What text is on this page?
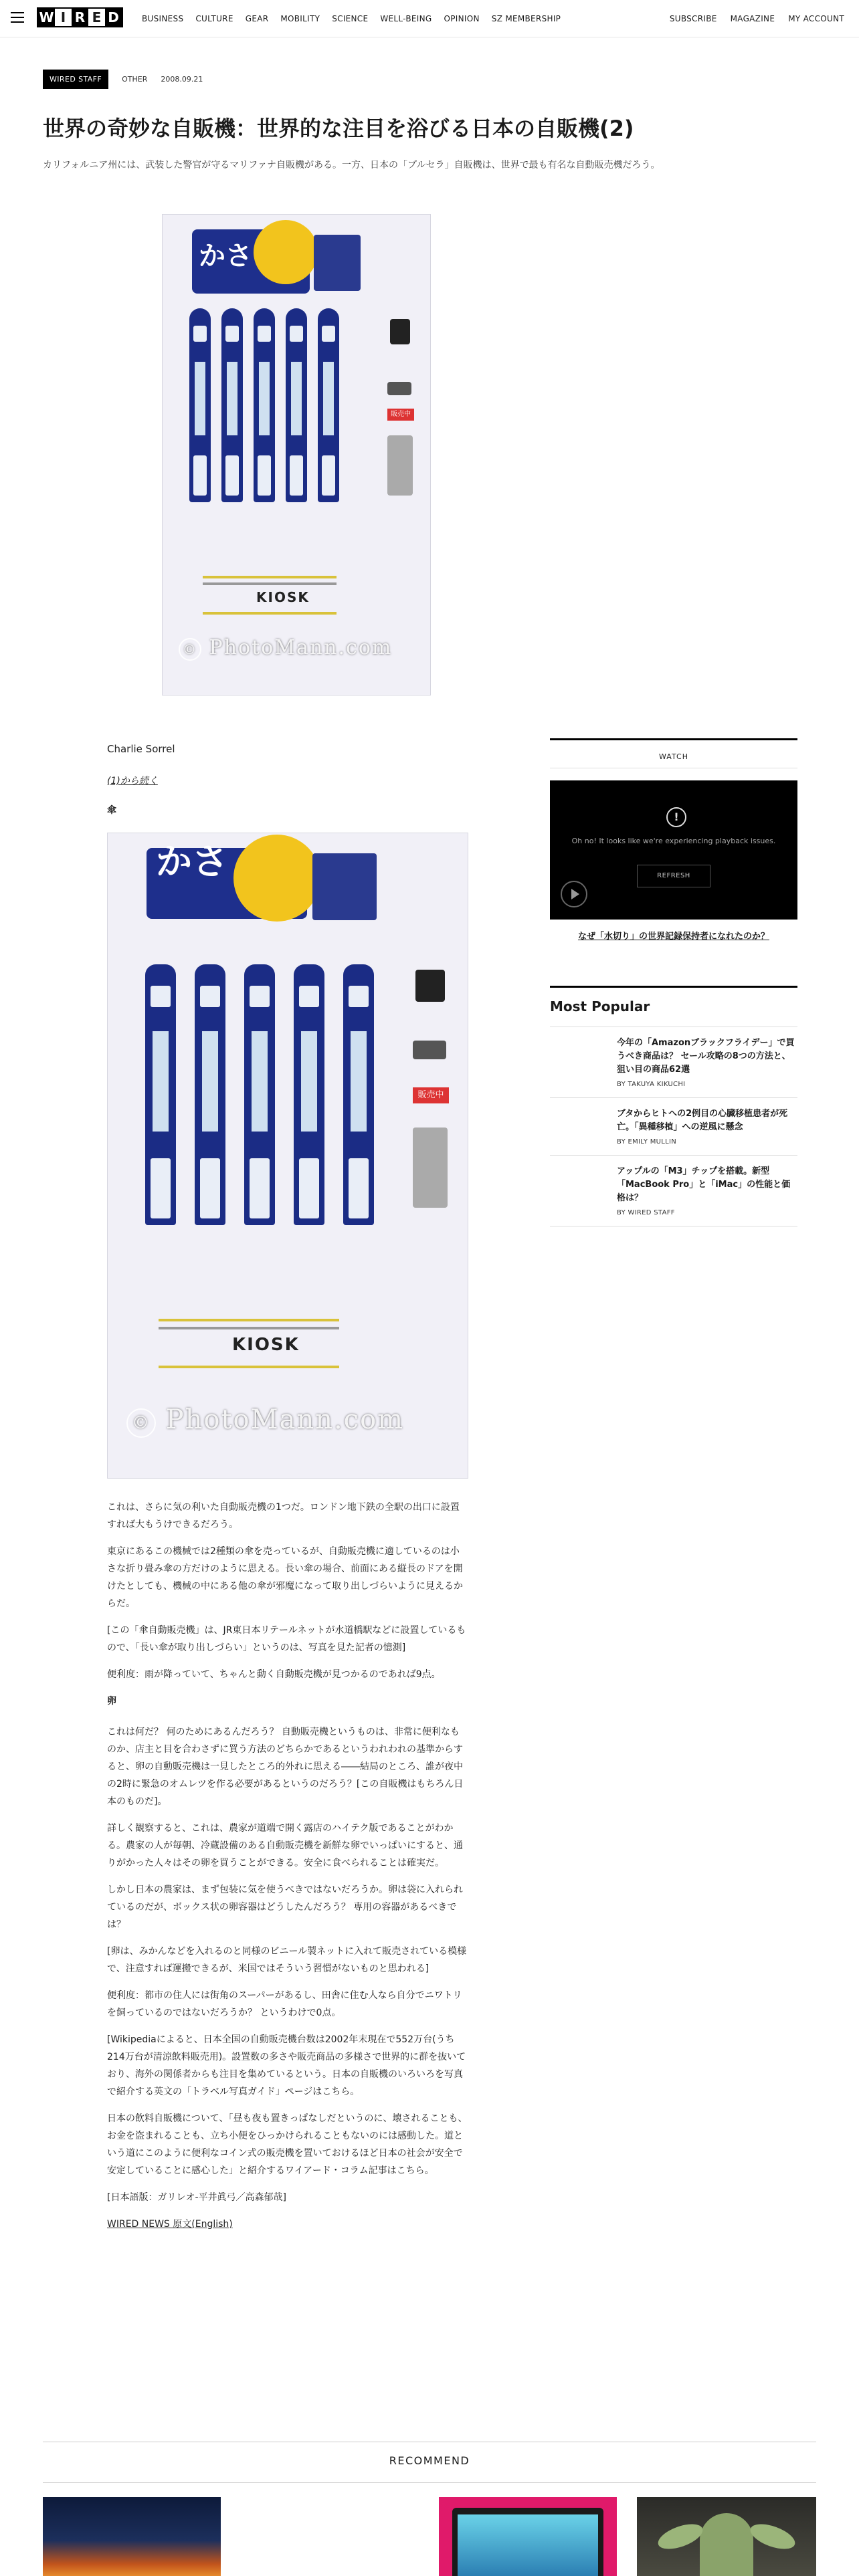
W I R E D	BUSINESS CULTURE GEAR MOBILITY SCIENCE WELL-BEING OPINION SZ MEMBERSHIP	SUBSCRIBE MAGAZINE MY ACCOUNT
WIRED STAFF	OTHER 2008.09.21
世界の奇妙な自販機：世界的な注目を浴びる日本の自販機(2)

カリフォルニア州には、武装した警官が守るマリファナ自販機がある。一方、日本の「プルセラ」自販機は、世界で最も有名な自動販売機だろう。

かさ
販売中
KIOSK
© PhotoMann.com

Charlie Sorrel

(1)から続く

傘

かさ
販売中
KIOSK
© PhotoMann.com

これは、さらに気の利いた自動販売機の1つだ。ロンドン地下鉄の全駅の出口に設置すれば大もうけできるだろう。

東京にあるこの機械では2種類の傘を売っているが、自動販売機に適しているのは小さな折り畳み傘の方だけのように思える。長い傘の場合、前面にある縦長のドアを開けたとしても、機械の中にある他の傘が邪魔になって取り出しづらいように見えるからだ。

[この「傘自動販売機」は、JR東日本リテールネットが水道橋駅などに設置しているもので、「長い傘が取り出しづらい」というのは、写真を見た記者の憶測]

便利度：雨が降っていて、ちゃんと動く自動販売機が見つかるのであれば9点。

卵

これは何だ？ 何のためにあるんだろう？ 自動販売機というものは、非常に便利なものか、店主と目を合わさずに買う方法のどちらかであるというわれわれの基準からすると、卵の自動販売機は一見したところ的外れに思える――結局のところ、誰が夜中の2時に緊急のオムレツを作る必要があるというのだろう？[この自販機はもちろん日本のものだ]。

詳しく観察すると、これは、農家が道端で開く露店のハイテク版であることがわかる。農家の人が毎朝、冷蔵設備のある自動販売機を新鮮な卵でいっぱいにすると、通りがかった人々はその卵を買うことができる。安全に食べられることは確実だ。

しかし日本の農家は、まず包装に気を使うべきではないだろうか。卵は袋に入れられているのだが、ボックス状の卵容器はどうしたんだろう？ 専用の容器があるべきでは？

[卵は、みかんなどを入れるのと同様のビニール製ネットに入れて販売されている模様で、注意すれば運搬できるが、米国ではそういう習慣がないものと思われる]

便利度：都市の住人には街角のスーパーがあるし、田舎に住む人なら自分でニワトリを飼っているのではないだろうか？ というわけで0点。

[Wikipediaによると、日本全国の自動販売機台数は2002年末現在で552万台(うち214万台が清涼飲料販売用)。設置数の多さや販売商品の多様さで世界的に群を抜いており、海外の関係者からも注目を集めているという。日本の自販機のいろいろを写真で紹介する英文の「トラベル写真ガイド」ページはこちら。

日本の飲料自販機について、「昼も夜も置きっぱなしだというのに、壊されることも、お金を盗まれることも、立ち小便をひっかけられることもないのには感動した。道という道にこのように便利なコイン式の販売機を置いておけるほど日本の社会が安全で安定していることに感心した」と紹介するワイアード・コラム記事はこちら。

[日本語版：ガリレオ-平井眞弓／高森郁哉]

WIRED NEWS 原文(English)

WATCH
!
Oh no! It looks like we're experiencing playback issues.
REFRESH
なぜ「水切り」の世界記録保持者になれたのか？
Most Popular
今年の「Amazonブラックフライデー」で買うべき商品は？ セール攻略の8つの方法と、狙い目の商品62選
BY TAKUYA KIKUCHI
ブタからヒトへの2例目の心臓移植患者が死亡。「異種移植」への逆風に懸念
BY EMILY MULLIN
アップルの「M3」チップを搭載。新型「MacBook Pro」と「iMac」の性能と価格は？
BY WIRED STAFF
RECOMMEND
